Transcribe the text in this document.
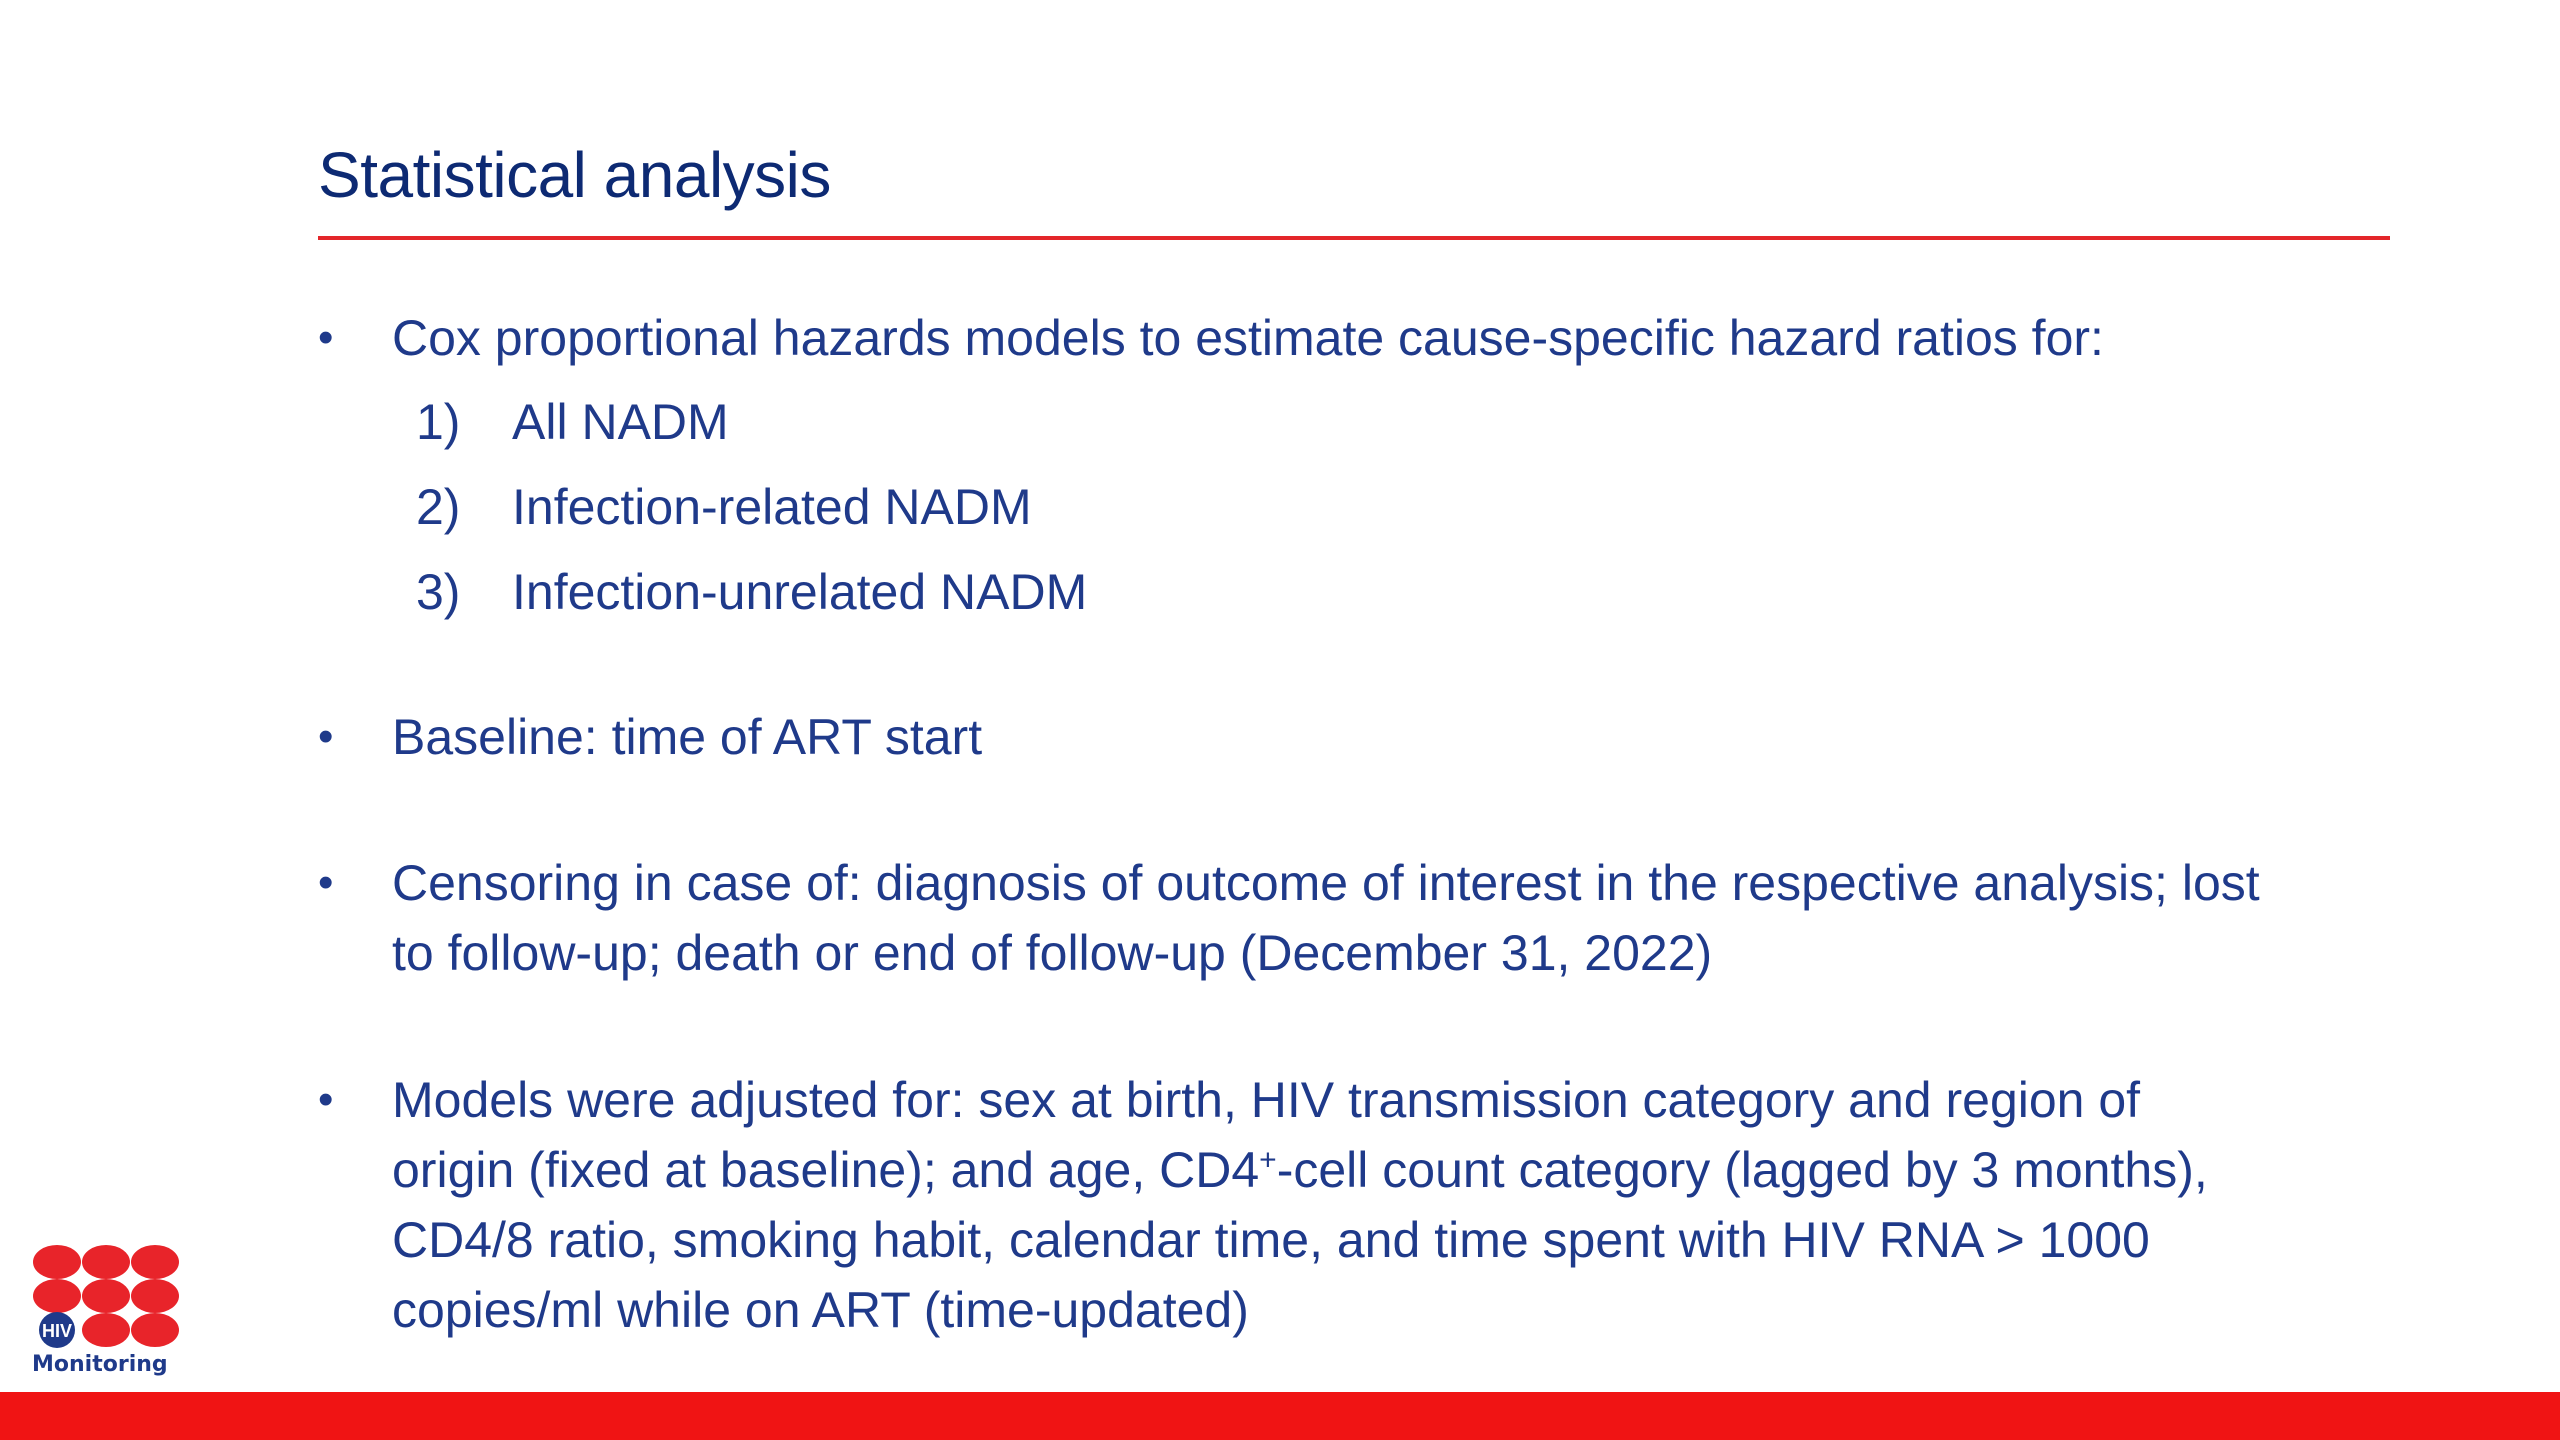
Statistical analysis
•	Cox proportional hazards models to estimate cause-specific hazard ratios for:
1) All NADM
2) Infection-related NADM
3) Infection-unrelated NADM
•	Baseline: time of ART start
•	Censoring in case of: diagnosis of outcome of interest in the respective analysis; lost
to follow-up; death or end of follow-up (December 31, 2022)
•	Models were adjusted for: sex at birth, HIV transmission category and region of
origin (fixed at baseline); and age, CD4+-cell count category (lagged by 3 months),
CD4/8 ratio, smoking habit, calendar time, and time spent with HIV RNA > 1000
copies/ml while on ART (time-updated)
HIV
Monitoring
